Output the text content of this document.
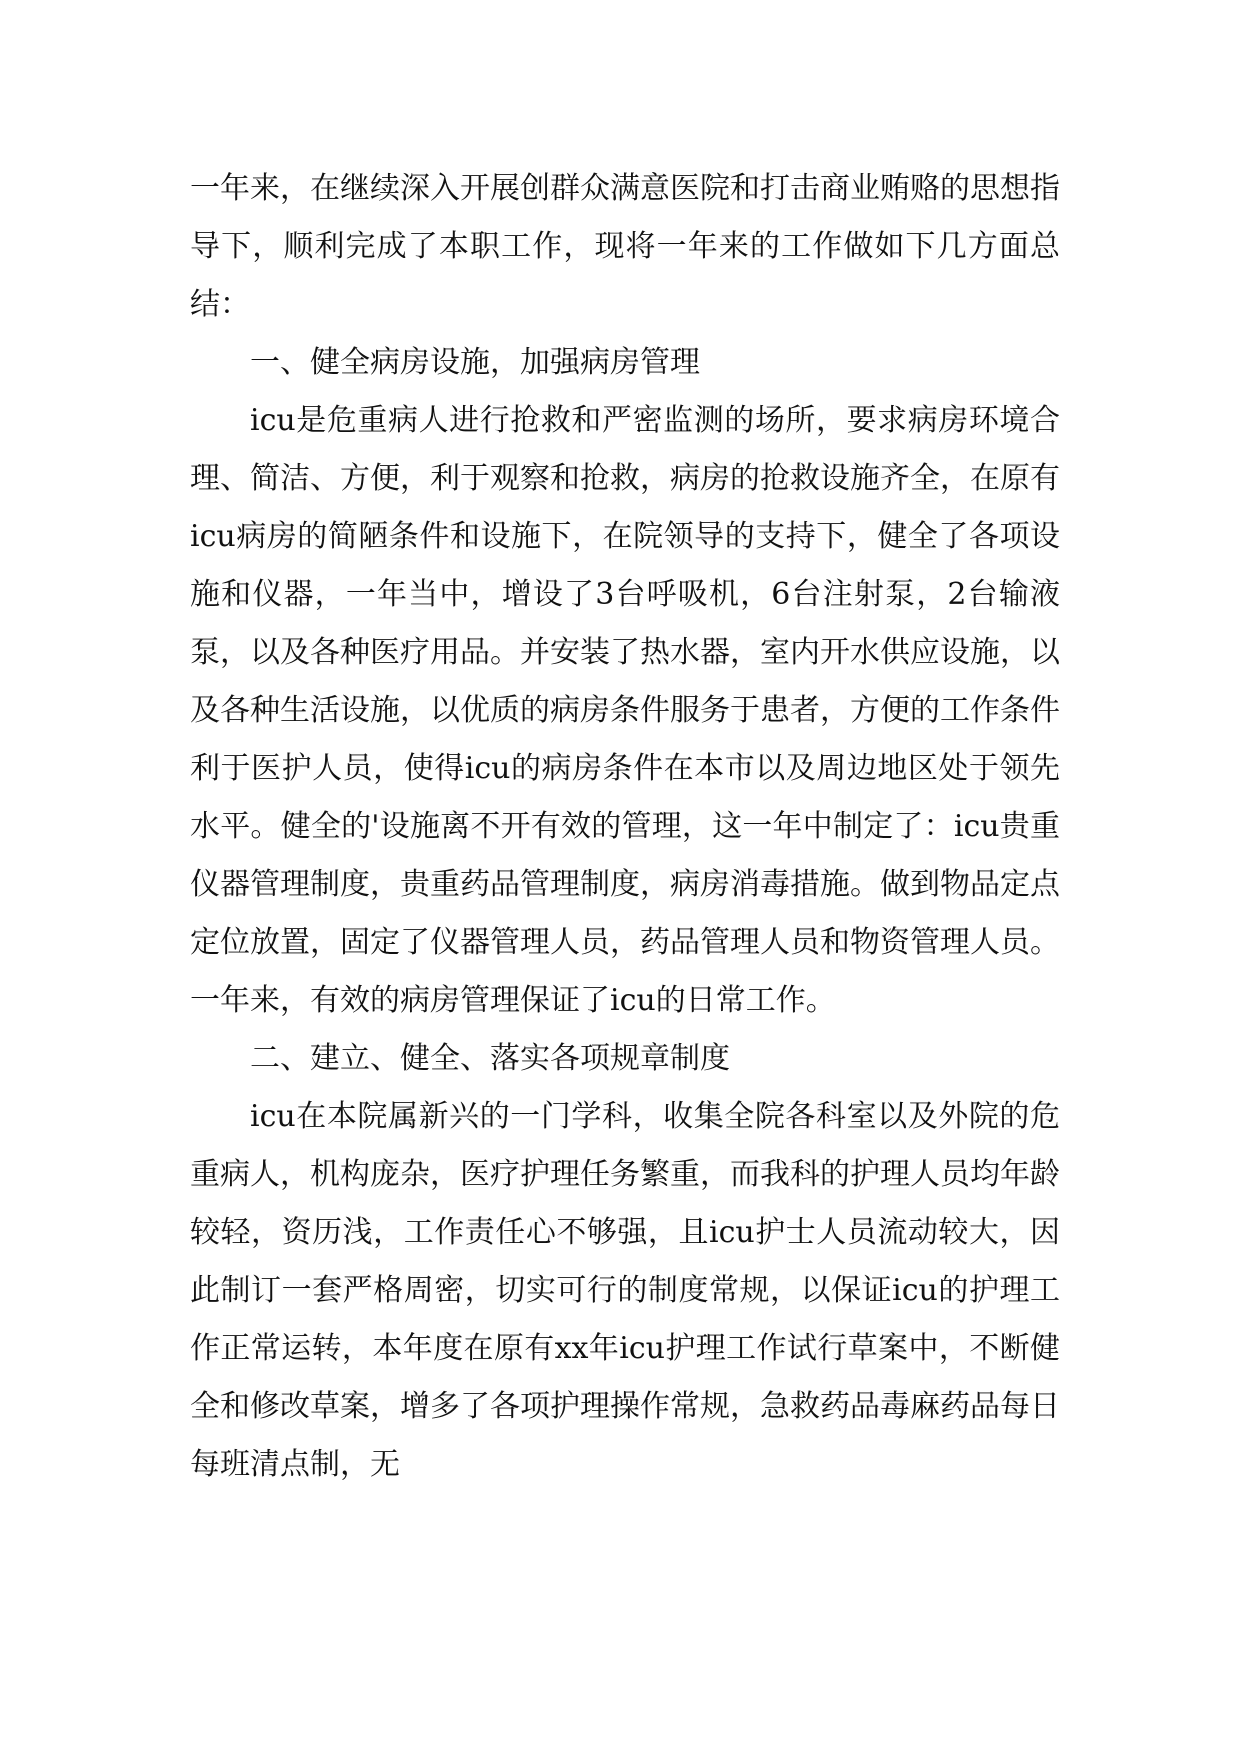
一年来，在继续深入开展创群众满意医院和打击商业贿赂的思想指导下，顺利完成了本职工作，现将一年来的工作做如下几方面总结：

一、健全病房设施，加强病房管理

icu是危重病人进行抢救和严密监测的场所，要求病房环境合理、简洁、方便，利于观察和抢救，病房的抢救设施齐全，在原有icu病房的简陋条件和设施下，在院领导的支持下，健全了各项设施和仪器，一年当中，增设了3台呼吸机，6台注射泵，2台输液泵，以及各种医疗用品。并安装了热水器，室内开水供应设施，以及各种生活设施，以优质的病房条件服务于患者，方便的工作条件利于医护人员，使得icu的病房条件在本市以及周边地区处于领先水平。健全的'设施离不开有效的管理，这一年中制定了：icu贵重仪器管理制度，贵重药品管理制度，病房消毒措施。做到物品定点定位放置，固定了仪器管理人员，药品管理人员和物资管理人员。一年来，有效的病房管理保证了icu的日常工作。

二、建立、健全、落实各项规章制度

icu在本院属新兴的一门学科，收集全院各科室以及外院的危重病人，机构庞杂，医疗护理任务繁重，而我科的护理人员均年龄较轻，资历浅，工作责任心不够强，且icu护士人员流动较大，因此制订一套严格周密，切实可行的制度常规，以保证icu的护理工作正常运转，本年度在原有xx年icu护理工作试行草案中，不断健全和修改草案，增多了各项护理操作常规，急救药品毒麻药品每日每班清点制，无
